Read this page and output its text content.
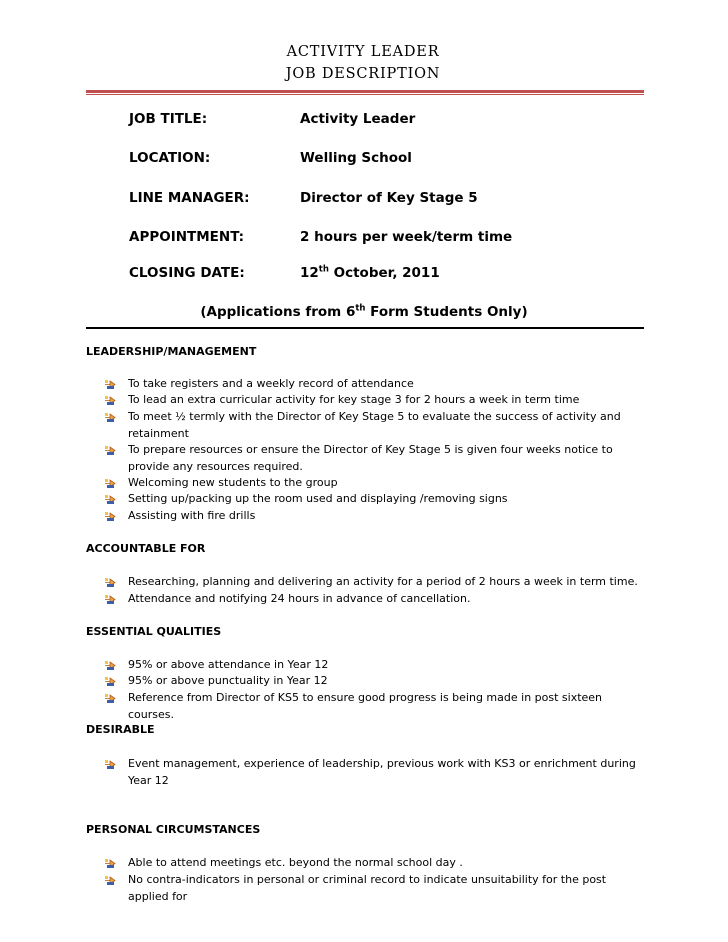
ACTIVITY LEADER
JOB DESCRIPTION
JOB TITLE:	Activity Leader
LOCATION:	Welling School
LINE MANAGER:	Director of Key Stage 5
APPOINTMENT:	2 hours per week/term time
CLOSING DATE:	12th October, 2011
(Applications from 6th Form Students Only)
LEADERSHIP/MANAGEMENT
To take registers and a weekly record of attendance
To lead an extra curricular activity for key stage 3 for 2 hours a week in term time
To meet ½ termly with the Director of Key Stage 5 to evaluate the success of activity and retainment
To prepare resources or ensure the Director of Key Stage 5 is given four weeks notice to provide any resources required.
Welcoming new students to the group
Setting up/packing up the room used and displaying /removing signs
Assisting with fire drills
ACCOUNTABLE FOR
Researching, planning and delivering an activity for a period of 2 hours a week in term time.
Attendance and notifying 24 hours in advance of cancellation.
ESSENTIAL QUALITIES
95% or above attendance in Year 12
95% or above punctuality in Year 12
Reference from Director of KS5 to ensure good progress is being made in post sixteen courses.
DESIRABLE
Event management, experience of leadership, previous work with KS3 or enrichment during Year 12
PERSONAL CIRCUMSTANCES
Able to attend meetings etc. beyond the normal school day .
No contra-indicators in personal or criminal record to indicate unsuitability for the post applied for
